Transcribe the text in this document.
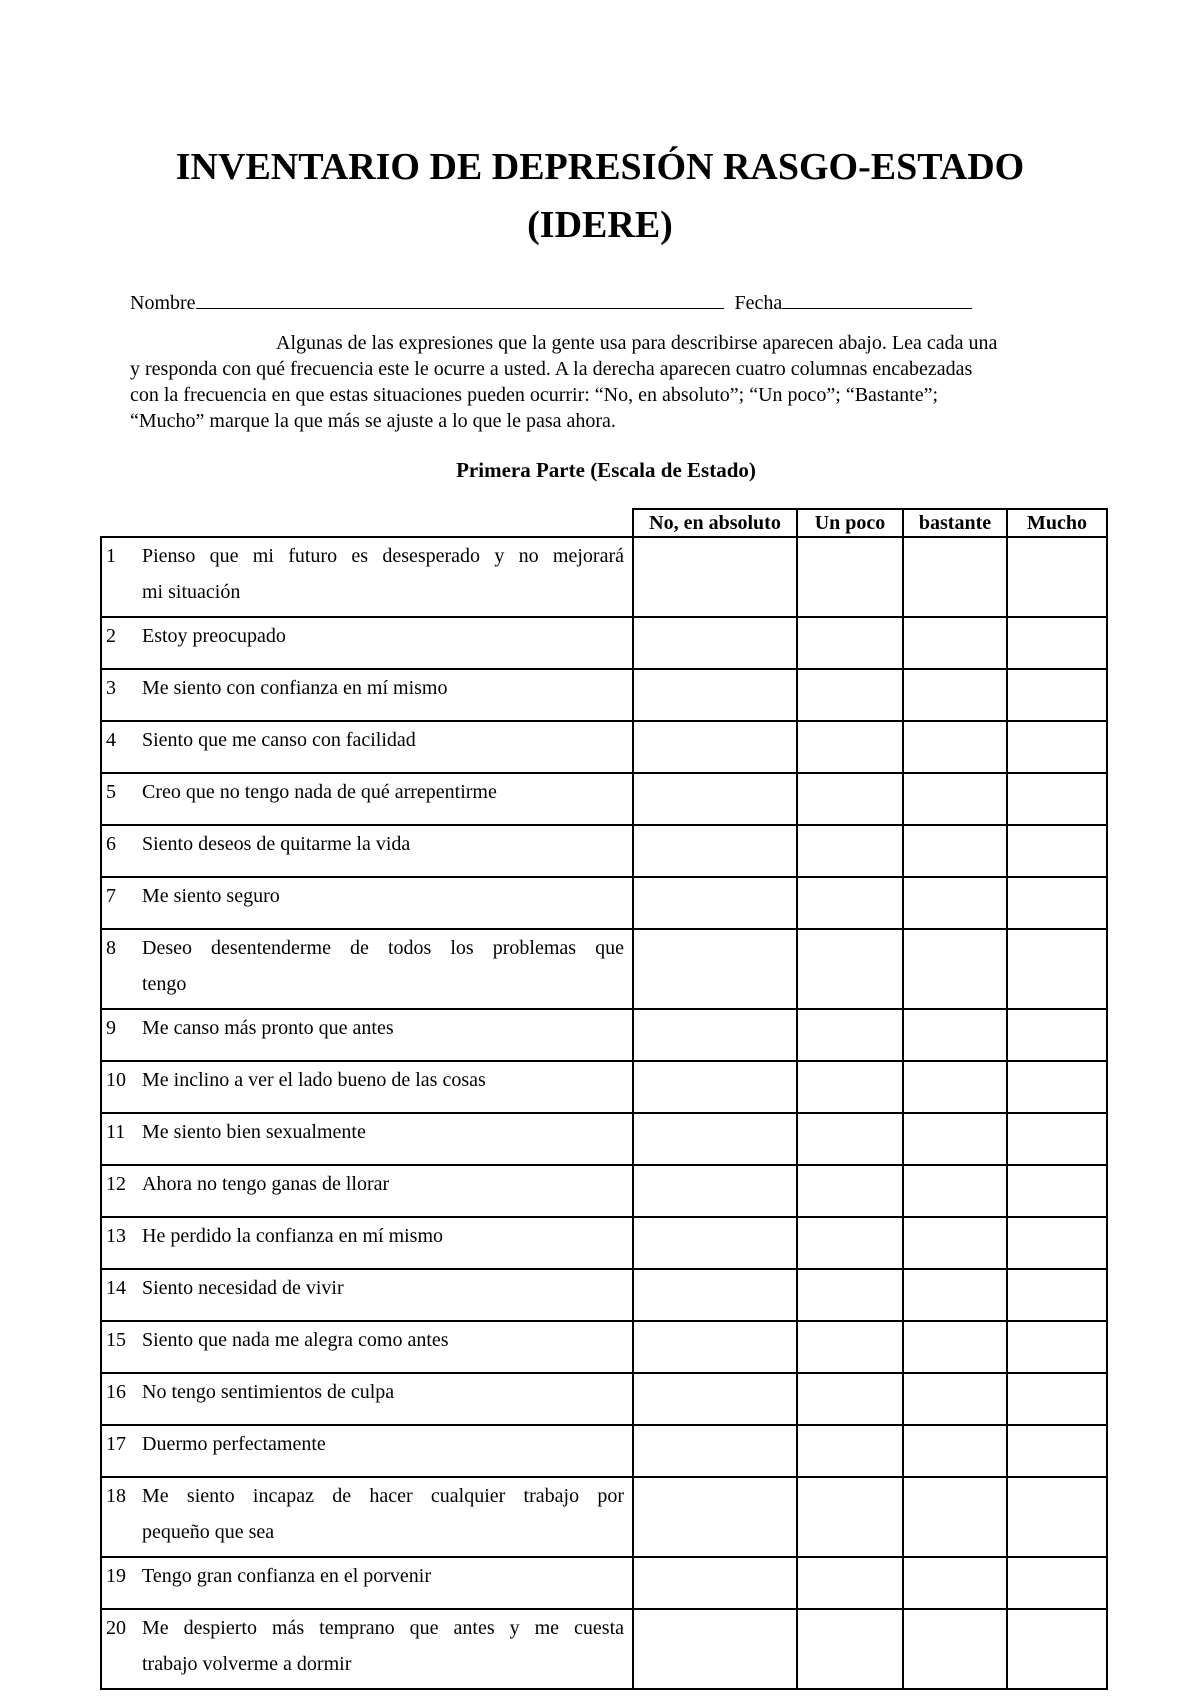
INVENTARIO DE DEPRESIÓN RASGO-ESTADO
(IDERE)
Nombre	Fecha
Algunas de las expresiones que la gente usa para describirse aparecen abajo. Lea cada una y responda con qué frecuencia este le ocurre a usted. A la derecha aparecen cuatro columnas encabezadas con la frecuencia en que estas situaciones pueden ocurrir: “No, en absoluto”; “Un poco”; “Bastante”; “Mucho” marque la que más se ajuste a lo que le pasa ahora.
Primera Parte (Escala de Estado)
	No, en absoluto	Un poco	bastante	Mucho

1 Pienso que mi futuro es desesperado y no mejorará
mi situación				

2 Estoy preocupado				

3 Me siento con confianza en mí mismo				

4 Siento que me canso con facilidad				

5 Creo que no tengo nada de qué arrepentirme				

6 Siento deseos de quitarme la vida				

7 Me siento seguro				

8 Deseo desentenderme de todos los problemas que
tengo				

9 Me canso más pronto que antes				

10 Me inclino a ver el lado bueno de las cosas				

11 Me siento bien sexualmente				

12 Ahora no tengo ganas de llorar				

13 He perdido la confianza en mí mismo				

14 Siento necesidad de vivir				

15 Siento que nada me alegra como antes				

16 No tengo sentimientos de culpa				

17 Duermo perfectamente				

18 Me siento incapaz de hacer cualquier trabajo por
pequeño que sea				

19 Tengo gran confianza en el porvenir				

20 Me despierto más temprano que antes y me cuesta
trabajo volverme a dormir				
